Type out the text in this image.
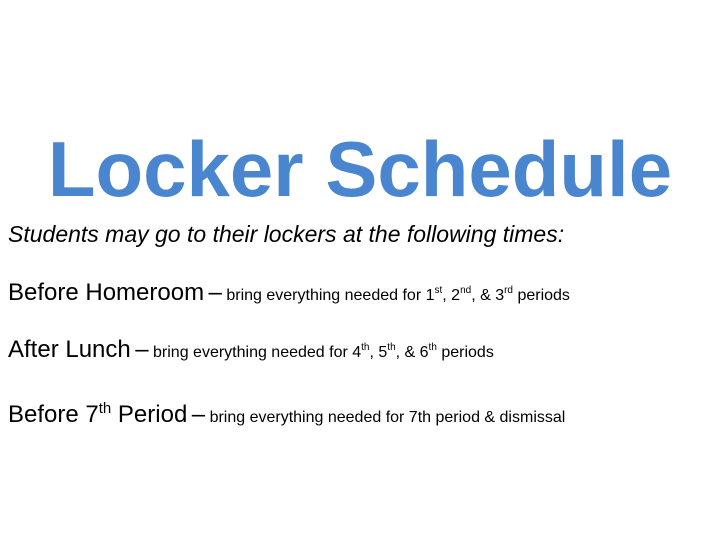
Locker Schedule
Students may go to their lockers at the following times:
Before Homeroom – bring everything needed for 1st, 2nd, & 3rd periods
After Lunch – bring everything needed for 4th, 5th, & 6th periods
Before 7th Period – bring everything needed for 7th period & dismissal
